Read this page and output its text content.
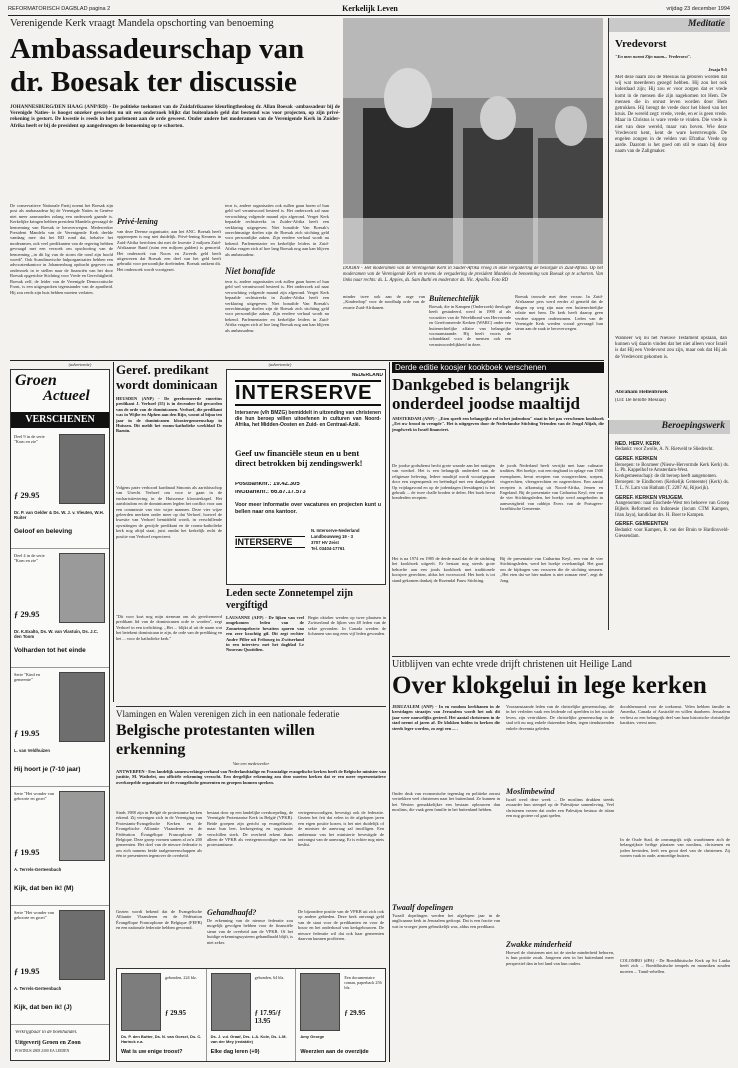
REFORMATORISCH DAGBLAD pagina 2	Kerkelijk Leven	vrijdag 23 december 1994
Verenigende Kerk vraagt Mandela opschorting van benoeming
Ambassadeurschap van dr. Boesak ter discussie
JOHANNESBURG/DEN HAAG (ANP/RD) - De politieke toekomst van de Zuidafrikaanse kleurlingtheoloog dr. Allan Boesak -ambassadeur bij de Verenigde Naties- is hoogst onzeker geworden nu uit een onderzoek blijkt dat buitenlands geld dat bestemd was voor projecten, op zijn privé-rekening is gestort. De kwestie is reeds in het parlement aan de orde geweest. Onder andere het moderamen van de Verenigende Kerk in Zuider-Afrika heeft er bij de president op aangedrongen de benoeming op te schorten.
De conservatieve Nationale Partij noemt het Boesak zijn post als ambassadeur bij de Verenigde Naties in Genève niet meer aanvaarden zolang een onderzoek gaande is. Kerkelijke kringen hebben president Mandela gevraagd de benoeming van Boesak te heroverwegen. Medewerker President Mandela van de Verenigende Kerk deelde vandaag mee dat het RD rond dat, behalve het moderamen, ook veel predikanten van de regering hebben gevraagd met een verzoek om opschorting van de benoeming ,,in dit lig van de storm die rond zijn hoofd woedt''. Ook Scandinavische hulporganisaties hebben een advocatenkantoor in Johannesburg opdracht gegeven om onderzoek in te stellen naar de financiën van het door Boesak opgerichte Stichting voor Vrede en Gerechtigheid. Boesak zelf, de leider van de Verenigde Democratische Front, is een uitgesproken tegenstander van de apartheid. Hij zou reeds zijn huis hebben moeten verlaten.
Privé-lening
van deze Deense organisatie, aan het ANC. Boesak heeft opgeroepen is nog niet duidelijk. Privé-lening Kenners in Zuid-Afrika berichten dat met de kwestie 2 miljoen Zuid-Afrikaanse Rand (ruim een miljoen gulden) is gemoeid. Het onderzoek van Noors en Zweeds geld heeft uitgewezen dat Boesak een deel van het geld heeft gebruikt voor persoonlijke doeleinden. Boesak ontkent dit. Het onderzoek wordt voortgezet.
tecn is, andere organisaties ook zullen gaan horen of hun geld wel verantwoord besteed is. Het onderzoek zal naar verwachting volgende maand zijn afgerond. Verget Kerk bepaalde rechtstreeks in Zuider-Afrika heeft een verklaring uitgegeven. Niet bonafide Van Boesak's onrechtmatige doelen zijn de Boesak zich stichting geld voor persoonlijke zaken. Zijn eerdere verhaal wordt nu bekend. Parlementarier en kerkelijke leiders in Zuid-Afrika vragen zich af hoe lang Boesak nog aan kan blijven als ambassadeur.
Niet bonafide
tecn is, andere organisaties ook zullen gaan horen of hun geld wel verantwoord besteed is. Het onderzoek zal naar verwachting volgende maand zijn afgerond. Verget Kerk bepaalde rechtstreeks in Zuider-Afrika heeft een verklaring uitgegeven. Niet bonafide Van Boesak's onrechtmatige doelen zijn de Boesak zich stichting geld voor persoonlijke zaken. Zijn eerdere verhaal wordt nu bekend. Parlementarier en kerkelijke leiders in Zuid-Afrika vragen zich af hoe lang Boesak nog aan kan blijven als ambassadeur.
DOORN - Het moderamen van de Verenigende Kerk in Suider-Afrika vroeg in onze vergadering de bezorgde in Zuid-Afrika. Op het moderamen van de Verenigende Kerk en tevens de vergadering de president Mandela de benoeming van Boesak op te schorten. Van links naar rechts: ds. L. Appies, ds. Sam Buthi en moderator ds. Nic. Apollis. Foto RD
minder twee ook aan de orge van ,,Kinderdorp'' voor de noodhulp orde van de zwarte Zuid-Afrikanen.
Buitenechtelijk
Boesak, die in Kampen (Onderzoek) theologie heeft gestudeerd, werd in 1990 al als voorzitter van de Wereldbond van Hervormde en Gereformeerde Kerken (WARC) onder een buitenechtelijke affaire van belangrijke vooraanstaande. Hij heeft voorts de schanddaad voor de mensen ook een verantwoordelijkheid in deze.
Boesak trouwde met deze vrouw. In Zuid-Afrikaanse pers werd eerder al gemeld dat de dingen op weg zijn naar een buitenechtelijke relatie met hem. De kerk heeft daarop geen verdere stappen ondernomen. Leden van de Verenigde Kerk werden vooral gevraagd hun steun aan de zaak te heroverwegen.
Meditatie
Vredevorst
"En men noemt Zijn naam... Vredevorst".
Jesaja 9:5
Met deze naam zou de Messias na geboren worden dat wij wat meerderen gezegd hebben. Hij zou het ook inderdaad zijn; Hij zou er voor zorgen dat er vrede komt in de mensen die zijn nagekomen tot Hem. De mensen die in onrust leven worden door Hem getrokken. Hij brengt de vrede door het bloed van het kruis. De wereld zegt: vrede, vrede, en er is geen vrede. Maar in Christus is ware vrede te vinden. Die vrede is niet van deze wereld, maar van boven. Wie deze Vredevorst kent, kent de ware kerstvreugde. De engelen zongen in de velden van Efratha: Vrede op aarde. Daarom is het goed om stil te staan bij deze naam van de Zaligmaker.
Wanneer wij nu het Nieuwe Testament opslaan, dan kunnen wij daarin vinden dat het niet alleen voor Israël is dat Hij een Vredevorst zou zijn, maar ook dat Hij als de Vredevorst gekomen is.
Abraham Hellenbroek
(Uit: De belofte Messias)
Beroepingswerk
NED. HERV. KERK
Bedankt: voor Zwolle, A. N. Rietveld te Sliedrecht.
GEREF. KERKEN
Beroepen: te Boxmeer (Nieuw-Hervormde Kerk Kerk) ds. L. Ph. Kappelhof te Amsterdam-West.
Kerkgemeenschap): de dit beroep heeft aangenomen.
Beroepen: te Eindhoven (Kerkelijk Gemeente) (Kerk) ds. T. L. N. Lam van Hatham (T. 2287 Al, Rijswijk).
GEREF. KERKEN VRIJGEM.
Aangenomen: naar Enschede-West ten behoeve van Groep Bijbels Reformed en Indonesie (locum CTM Kampen, Irian Jaya), kandidaat drs. H. Boer te Kampen.
GEREF. GEMEENTEN
Bedankt: voor Kampen, R. van der Bruin te Hardinxveld-Giessendam.
(advertentie)
Groen
Actueel
VERSCHENEN
Deel 9 in de serie "Kom en zie"
ƒ 29.95
Dr. P. van Gelder & Ds. W. J. v. Vleuten, W.H. Ruiter
Geloof en beleving
Deel 4 in de serie "Kom en zie"
ƒ 29.95
Dr. K.Exalto, Ds. W. van Vlastuin, Ds. J.C. den Toom
Volharden tot het einde
Serie "Kind en gemeente"
ƒ 19.95
L. van Veldhuizen
Hij hoort je (7-10 jaar)
Serie "Het wonder van geboorte en groei"
ƒ 19.95
A. Terrels-Gerteenbach
Kijk, dat ben ik! (M)
Serie "Het wonder van geboorte en groei"
ƒ 19.95
A. Terrels-Gerteenbach
Kijk, dat ben ik! (J)
Verkrijgbaar in de boekhandel.
Uitgeverij Groen en Zoon
POSTBUS 2808 2300 EA LEIDEN
Geref. predikant
wordt dominicaan
HEUSDEN (ANP) - De gereformeerde emeritus predikant J. Verhoef (55) is in december lid geworden van de orde van de dominicanen. Verhoef, die predikant was in Wijhe en Alphen aan den Rijn, woont al bijna ten jaar in de dominicanen kloostergemeenschap in Huissen. Dit meldt het rooms-katholieke weekblad De Bazuin.
Volgens pater verhoord kardinaal Simonis als aartsbisschop van Utrecht Verhoef om voor te gaan in de eucharistieviering in de Huissense kloosterkapel. Het aartsbisdom en de dominicanen legden het conflict voor aan een commissie van vier wijze mannen. Deze vier wijze geleerden merkten onder meer op dat Verhoef, hoewel de kwestie van Verhoef bemiddeld wordt, in verschillende opvattingen de gewijde predikant en de rooms-katholieke kerk nog altijd staat, juist omdat het kerkelijk recht de positie van Verhoef respecteert.
"Dit voor kort nog mijn stemvan om als gereformeerd predikant lid van de dominicanen orde te worden", zegt Verhoef in een toelichting. ,,Het ... blijkt al uit de naam wat het betekent dominicaan te zijn, de orde van de prediking en het ... voor de katholieke kerk."
(advertentie)
NEDERLAND
INTERSERVE
Interserve (v/h BMZG) bemiddelt in uitzending van christenen die hun beroep willen uitoefenen in culturen van Noord-Afrika, het Midden-Oosten en Zuid- en Centraal-Azië.
Geef uw financiële steun en u bent direct betrokken bij zendingswerk!
Postbanknr.: 19.42.305
INGbanknr.: 66.87.17.573
Voor meer informatie over vacatures en projecten kunt u bellen naar ons kantoor.
INTERSERVE
N. Interserve-Nederland
Landbouwweg 19 - 3
3707 HV Zeist
Tel. 03404-17761
Leden secte Zonnetempel zijn vergiftigd
LAUSANNE (AFP) - De lijken van veel omgekomen leden van de Zonnetempelsecte bevatten sporen van een zeer krachtig gif. Dit zegt rechter Andre Piller uit Fribourg in Zwitserland in een interview met het dagblad Le Nouveau Quotidien.
Begin oktober werden op twee plaatsen in Zwitserland de lijken van 48 leden van de sekte gevonden. In Canada werden de lichamen van nog eens vijf leden gevonden.
Derde editie koosjer kookboek verschenen
Dankgebed is belangrijk onderdeel joodse maaltijd
AMSTERDAM (ANP) - ,,Eten speelt een belangrijke rol in het jodendom'' staat in het pas verschenen kookboek ,,Eet uw brood in vreugde''. Het is uitgegeven door de Nederlandse Stichting Vrienden van de Jeugd Alijah, die jeugdwerk in Israël financiert.
De joodse godsdienst hecht grote waarde aan het nuttigen van voedsel. Het is een belangrijk onderdeel van de religieuze beleving. Iedere maaltijd wordt voorafgegaan door een zegenspreuk en beëindigd met een dankgebed. Op vrijdagavond en op de jodendagen (feestdagen) is het gebruik ... de twee challe broden te delen. Het boek bevat honderden recepten.
Het is na 1974 en 1985 de derde maal dat de de stichting het kookboek uitgeeft. Er bestaat nog steeds grote behoefte aan een joods kookboek met traditionele koosjere gerechten, aldus het voorwoord. Het boek is tot stand gekomen dankzij de Rozendal Pauw Stichting.
de joods Nederland heeft verrijkt met haar culinaire tradities. Het boekje, wat een ringband in oplage van 1500 exemplaren, bevat recepten van voorgerechten, soepen, visgerechten, vleesgerechten en nagerechten. Een aantal recepten is afkomstig uit Noord-Afrika, Jemen en Engeland. Bij de presentatie van Catharina Keyl, een van de vier Stichtingsleden, het boekje werd aangeboden in aanwezigheid van rabbijn Evers van de Portugees-Israëlitische Gemeente.
Bij de presentatie van Catharina Keyl, een van de vier Stichtingsleden, werd het boekje overhandigd. Het gaat om de bijdragen van vrouwen die de stichting steunen. ,,Het eten dat we hier maken is niet zomaar eten'', zegt de Jong.
Vlamingen en Walen verenigen zich in een nationale federatie
Belgische protestanten willen erkenning
Van een medewerker
ANTWERPEN - Een landelijk samenwerkingsverband van Nederlandstalige en Franstalige evangelische kerken heeft de Belgische minister van justitie, M. Wathelet, om officiële erkenning verzocht. Een dergelijke erkenning zou deze moeten kerken dat er een meer representatieve overkoepelde organisatie tot de evangelische gemeenten en groepen kunnen spreken.
Sinds 1988 zijn in België de protestantse kerken erkend. Zij verenigen zich in de Vereniging van Protestants-Evangelische Kerken en de Evangelische Alliantie Vlaanderen en de Fédération Évangélique Francophone de Belgique. Deze groep vormen samen al zo'n 200 gemeenten. Het doel van de nieuwe federatie is om zich namens beide taalgemeenschappen als één te presenteren tegenover de overheid.
Gezien wordt bekend dat de Evangelische Alliantie Vlaanderen en de Fédération Évangélique Francophone de Belgique (FEFB) en een nationale federatie hebben gevormd.
bestaat door op een landelijke overkoepeling, de Verenigde Protestantse Kerk in België (VPKB). Beide groepen zijn gericht op evangelisatie, maar hun leer, kerkregering en organisatie verschillen sterk. De overheid erkent thans alleen de VPKB als vertegenwoordiger van het protestantisme.
Gehandhaafd?
De erkenning van de nieuwe federatie zou mogelijk gevolgen hebben voor de financiële steun van de overheid aan de VPKB. Of het huidige erkenningssysteem gehandhaafd blijft, is niet zeker.
vertegenwoordigen, bevestigt ook de federatie. Gezien het feit dat velen in de afgelopen jaren een eigen positie kozen, is het niet duidelijk of de minister de aanvraag zal inwilligen. Een ambtenaar van het ministerie bevestigde de ontvangst van de aanvraag. Er is echter nog niets beslist.
De bijzondere positie van de VPKB uit zich ook op andere gebieden. Deze kerk ontvangt geld van de staat voor de predikanten en voor de bouw en het onderhoud van kerkgebouwen. De nieuwe federatie wil dat ook haar gemeenten daarvan kunnen profiteren.
Uitblijven van echte vrede drijft christenen uit Heilige Land
Over klokgelui in lege kerken
JERUZALEM (ANP) - In en rondom kerkhanen in de kerstdagen straatjes van Jeruzalem wordt het ook dit jaar weer nauwelijks gevierd. Het aantal christenen in de stad neemt al jaren af. De klokken luiden in kerken die steeds leger worden, zo zegt een ... .
Onder druk van economische tegenslag en politieke onrust vertrekken veel christenen naar het buitenland. Ze kunnen in het Westen gemakkelijker een bestaan opbouwen dan moslims, die vaak geen familie in het buitenland hebben.
Twaalf dopelingen
Twaalf dopelingen werden het afgelopen jaar in de anglicaanse kerk in Jeruzalem gedoopt. Dat is een fractie van wat in vroeger jaren gebruikelijk was, aldus een predikant.
Vooraanstaande leden van de christelijke gemeenschap, die in het verleden vaak een leidende rol speelden in het sociale leven, zijn vertrokken. De christelijke gemeenschap in de stad telt nu nog enkele duizenden leden, tegen tienduizenden enkele decennia geleden.
Moslimbewind
Israël werd deze week ... De moslims drukken steeds zwaarder hun stempel op de Palestijnse samenleving. Veel christenen vrezen dat onder een Palestijns bestuur de islam een nog grotere rol gaat spelen.
Zwakke minderheid
Hoewel de christenen niet tot de sterke minderheid behoren, is hun positie zwak. Jongeren zien in het buitenland meer perspectief dan in het land van hun ouders.
doodsbenauwd voor de toekomst. Velen hebben familie in Amerika, Canada of Australië en willen daarheen. Jeruzalem verliest zo een belangrijk deel van haar historische christelijke karakter, vreest men.
In de Oude Stad, de omvangrijk wijk waarbinnen zich de belangrijkste heilige plaatsen van moslims, christenen en joden bevinden, leeft een groot deel van de christenen. Zij wonen vaak in oude, armoedige huizen.
COLOMBO (dPA) - De Boeddhistische Kerk op Sri Lanka heeft zich ... Boeddhistische tempels en monniken zouden moeten ... Tamil-rebellen.
gebonden, 224 blz.
ƒ 29.95
Ds. P. den Butter, Ds. N. van Gorsel, Ds. C. Harinck e.a.
Wat is uw enige troost?
gebonden, 64 blz.
ƒ 17.95/ƒ 13.95
Ds. J. v.d. Graaf, Drs. L.A. Kole, Ds. L.M. van der Mey (redaktie)
Elke dag leren (+9)
Een documentaire roman, paperback 256 blz.
ƒ 29.95
Amy George
Weerzien aan de overzijde
